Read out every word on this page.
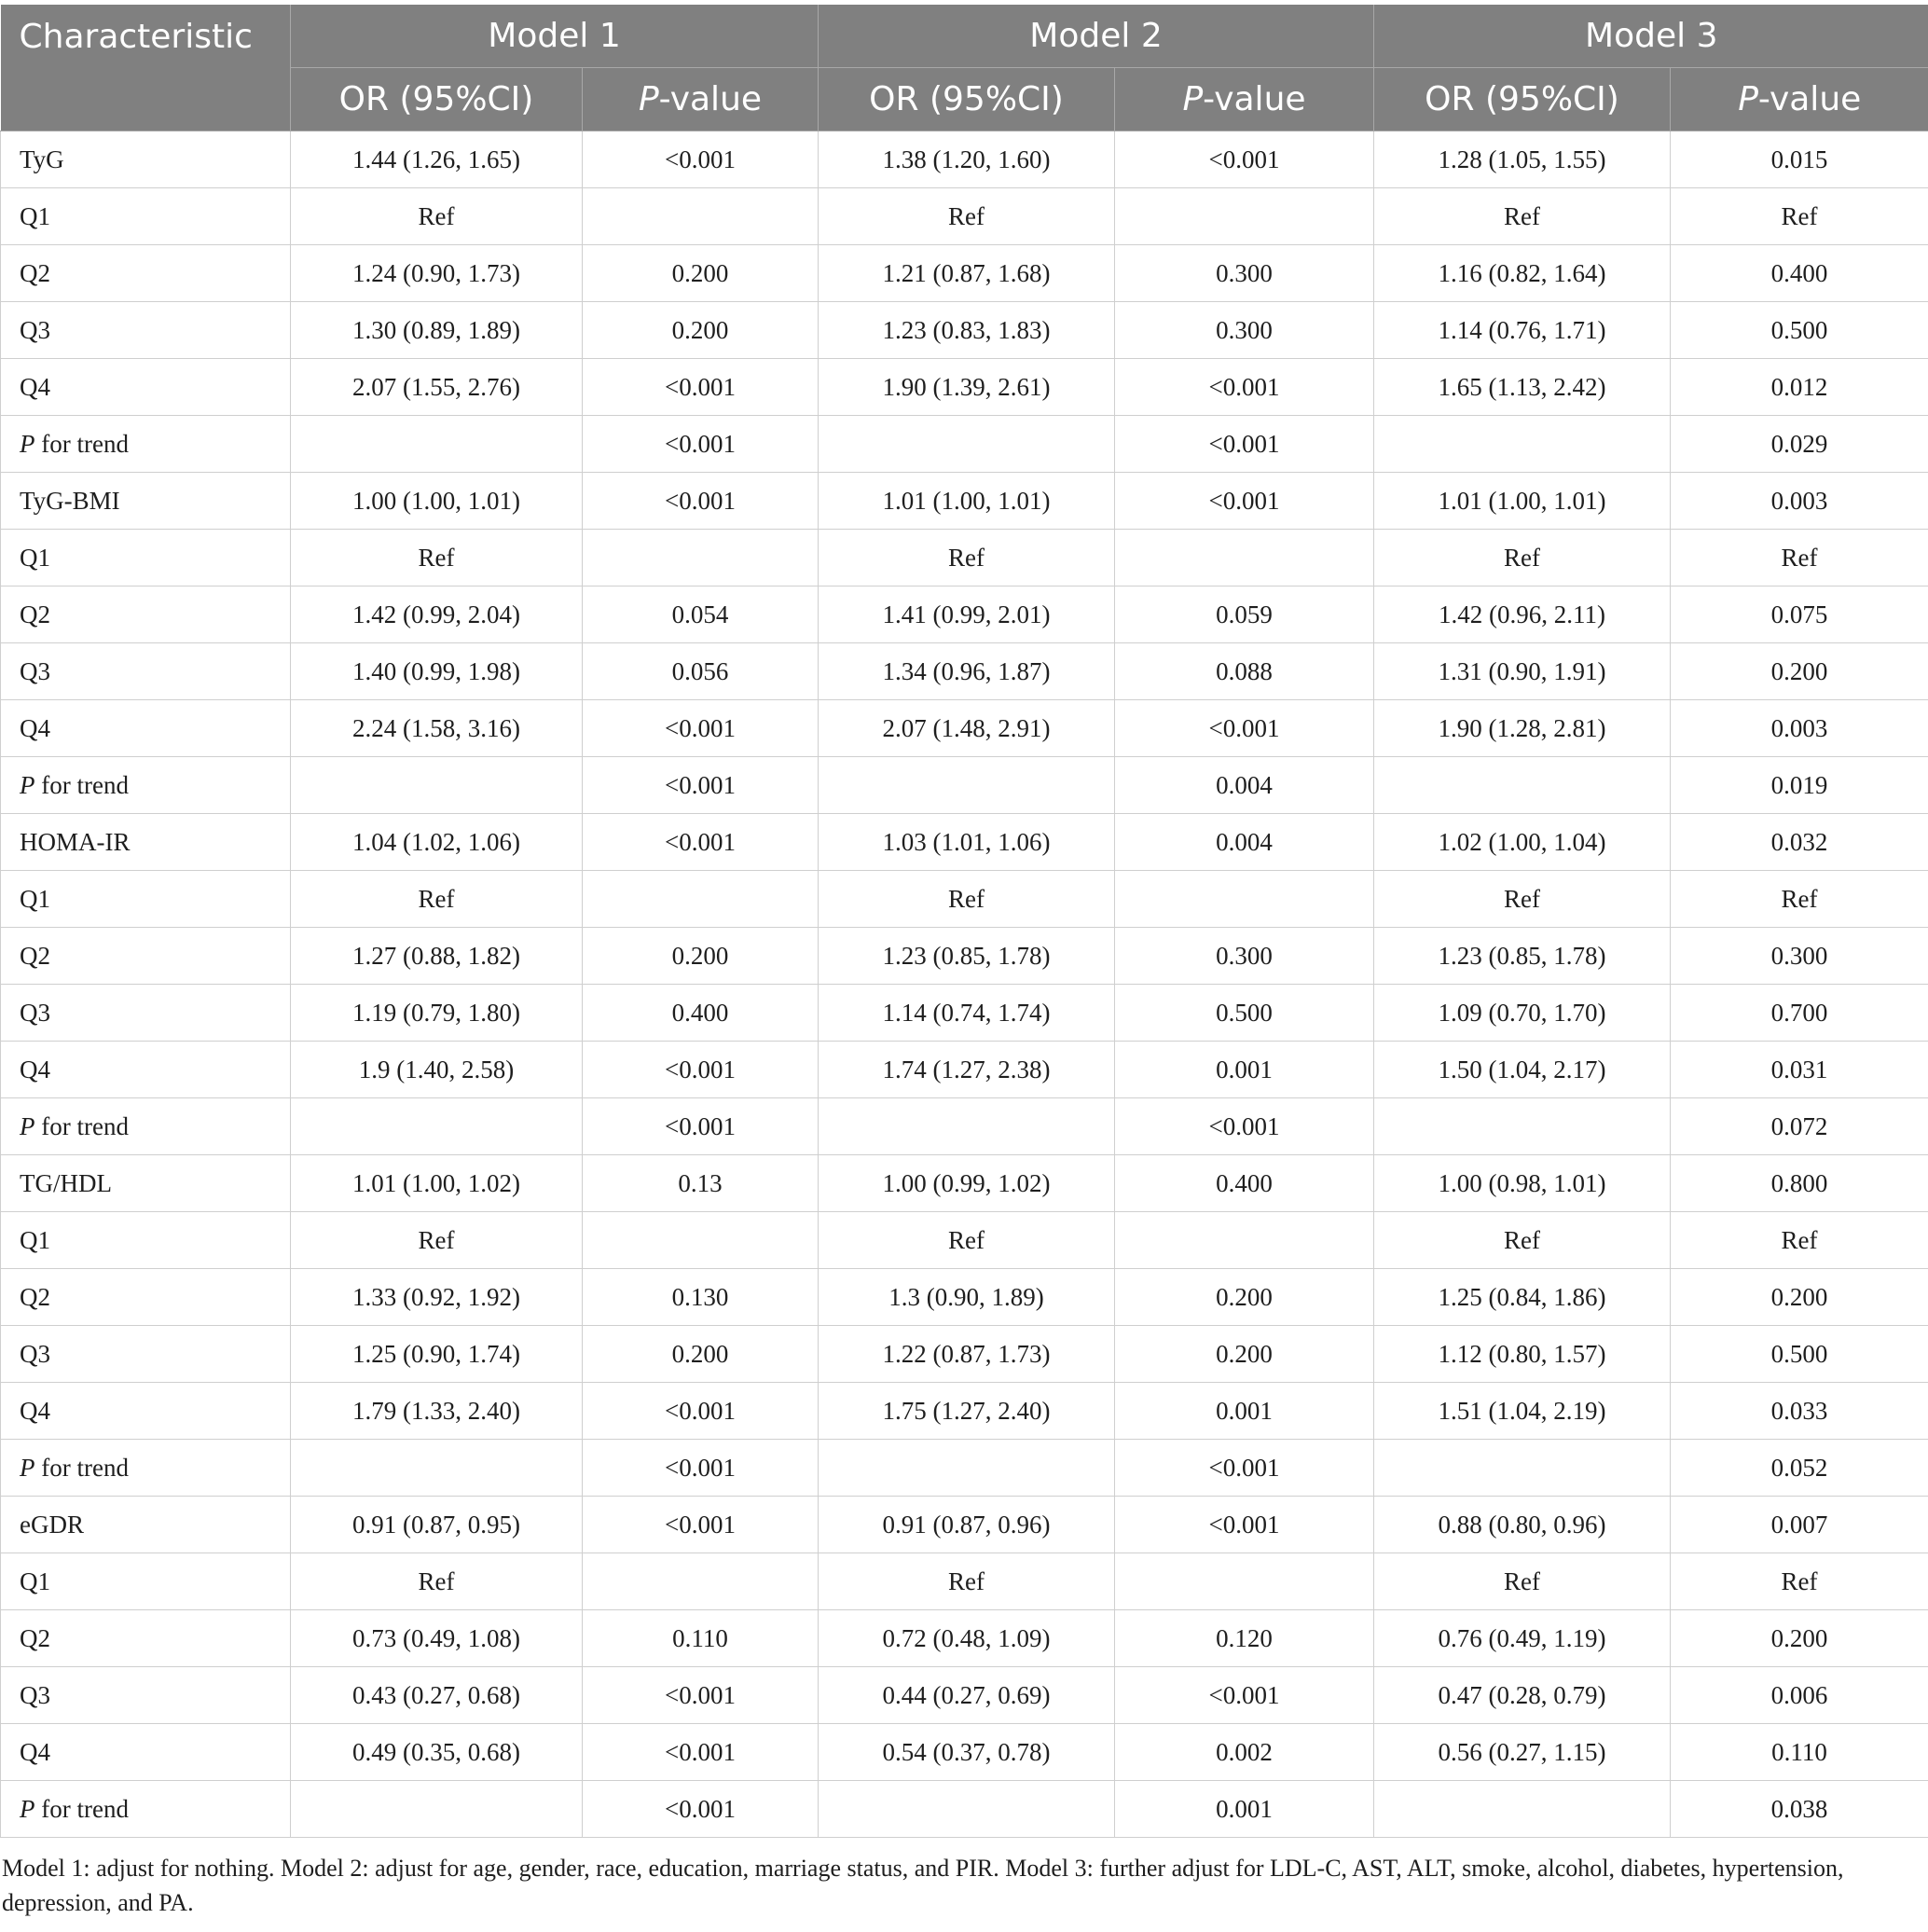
Characteristic	Model 1		Model 2		Model 3	
	OR (95%CI)	P-value	OR (95%CI)	P-value	OR (95%CI)	P-value
TyG	1.44 (1.26, 1.65)	<0.001	1.38 (1.20, 1.60)	<0.001	1.28 (1.05, 1.55)	0.015
Q1	Ref		Ref		Ref	Ref
Q2	1.24 (0.90, 1.73)	0.200	1.21 (0.87, 1.68)	0.300	1.16 (0.82, 1.64)	0.400
Q3	1.30 (0.89, 1.89)	0.200	1.23 (0.83, 1.83)	0.300	1.14 (0.76, 1.71)	0.500
Q4	2.07 (1.55, 2.76)	<0.001	1.90 (1.39, 2.61)	<0.001	1.65 (1.13, 2.42)	0.012
P for trend		<0.001		<0.001		0.029
TyG-BMI	1.00 (1.00, 1.01)	<0.001	1.01 (1.00, 1.01)	<0.001	1.01 (1.00, 1.01)	0.003
Q1	Ref		Ref		Ref	Ref
Q2	1.42 (0.99, 2.04)	0.054	1.41 (0.99, 2.01)	0.059	1.42 (0.96, 2.11)	0.075
Q3	1.40 (0.99, 1.98)	0.056	1.34 (0.96, 1.87)	0.088	1.31 (0.90, 1.91)	0.200
Q4	2.24 (1.58, 3.16)	<0.001	2.07 (1.48, 2.91)	<0.001	1.90 (1.28, 2.81)	0.003
P for trend		<0.001		0.004		0.019
HOMA-IR	1.04 (1.02, 1.06)	<0.001	1.03 (1.01, 1.06)	0.004	1.02 (1.00, 1.04)	0.032
Q1	Ref		Ref		Ref	Ref
Q2	1.27 (0.88, 1.82)	0.200	1.23 (0.85, 1.78)	0.300	1.23 (0.85, 1.78)	0.300
Q3	1.19 (0.79, 1.80)	0.400	1.14 (0.74, 1.74)	0.500	1.09 (0.70, 1.70)	0.700
Q4	1.9 (1.40, 2.58)	<0.001	1.74 (1.27, 2.38)	0.001	1.50 (1.04, 2.17)	0.031
P for trend		<0.001		<0.001		0.072
TG/HDL	1.01 (1.00, 1.02)	0.13	1.00 (0.99, 1.02)	0.400	1.00 (0.98, 1.01)	0.800
Q1	Ref		Ref		Ref	Ref
Q2	1.33 (0.92, 1.92)	0.130	1.3 (0.90, 1.89)	0.200	1.25 (0.84, 1.86)	0.200
Q3	1.25 (0.90, 1.74)	0.200	1.22 (0.87, 1.73)	0.200	1.12 (0.80, 1.57)	0.500
Q4	1.79 (1.33, 2.40)	<0.001	1.75 (1.27, 2.40)	0.001	1.51 (1.04, 2.19)	0.033
P for trend		<0.001		<0.001		0.052
eGDR	0.91 (0.87, 0.95)	<0.001	0.91 (0.87, 0.96)	<0.001	0.88 (0.80, 0.96)	0.007
Q1	Ref		Ref		Ref	Ref
Q2	0.73 (0.49, 1.08)	0.110	0.72 (0.48, 1.09)	0.120	0.76 (0.49, 1.19)	0.200
Q3	0.43 (0.27, 0.68)	<0.001	0.44 (0.27, 0.69)	<0.001	0.47 (0.28, 0.79)	0.006
Q4	0.49 (0.35, 0.68)	<0.001	0.54 (0.37, 0.78)	0.002	0.56 (0.27, 1.15)	0.110
P for trend		<0.001		0.001		0.038
Model 1: adjust for nothing. Model 2: adjust for age, gender, race, education, marriage status, and PIR. Model 3: further adjust for LDL-C, AST, ALT, smoke, alcohol, diabetes, hypertension, depression, and PA.
